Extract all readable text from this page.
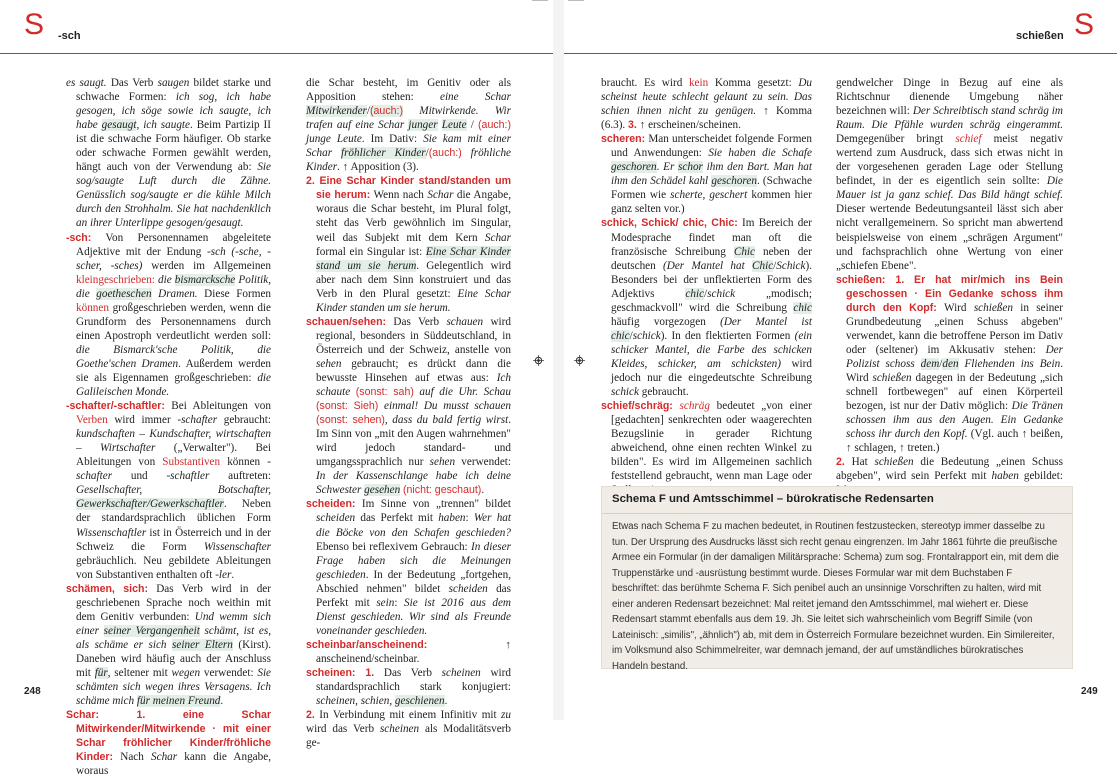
S -sch

es saugt. Das Verb saugen bildet starke und schwache Formen: ich sog, ich habe gesogen, ich söge sowie ich saugte, ich habe gesaugt, ich saugte. Beim Partizip II ist die schwache Form häufiger. Ob starke oder schwache Formen gewählt werden, hängt auch von der Verwendung ab: Sie sog/saugte Luft durch die Zähne. Genüsslich sog/saugte er die kühle Milch durch den Strohhalm. Sie hat nachdenklich an ihrer Unterlippe gesogen/gesaugt.

-sch: Von Personennamen abgeleitete Adjektive mit der Endung -sch (-sche, -scher, -sches) werden im Allgemeinen kleingeschrieben: die bismarcksche Politik, die goetheschen Dramen. Diese Formen können großgeschrieben werden, wenn die Grundform des Personennamens durch einen Apostroph verdeutlicht werden soll: die Bismarck'sche Politik, die Goethe'schen Dramen. Außerdem werden sie als Eigennamen großgeschrieben: die Galileischen Monde.

-schafter/-schaftler: Bei Ableitungen von Verben wird immer -schafter gebraucht: kundschaften – Kundschafter, wirtschaften – Wirtschafter („Verwalter"). Bei Ableitungen von Substantiven können -schafter und -schaftler auftreten: Gesellschafter, Botschafter, Gewerkschafter/Gewerkschaftler. Neben der standardsprachlich üblichen Form Wissenschaftler ist in Österreich und in der Schweiz die Form Wissenschafter gebräuchlich. Neu gebildete Ableitungen von Substantiven enthalten oft -ler.

schämen, sich: Das Verb wird in der geschriebenen Sprache noch weithin mit dem Genitiv verbunden: Und wemm sich einer seiner Vergangenheit schämt, ist es, als schäme er sich seiner Eltern (Kirst). Daneben wird häufig auch der Anschluss mit für, seltener mit wegen verwendet: Sie schämten sich wegen ihres Versagens. Ich schäme mich für meinen Freund.

Schar: 1. eine Schar Mitwirkender/Mitwirkende · mit einer Schar fröhlicher Kinder/fröhliche Kinder: Nach Schar kann die Angabe, woraus

die Schar besteht, im Genitiv oder als Apposition stehen: eine Schar Mitwirkender/(auch:) Mitwirkende. Wir trafen auf eine Schar junger Leute / (auch:) junge Leute. Im Dativ: Sie kam mit einer Schar fröhlicher Kinder/(auch:) fröhliche Kinder. ↑ Apposition (3).

2. Eine Schar Kinder stand/standen um sie herum: Wenn nach Schar die Angabe, woraus die Schar besteht, im Plural folgt, steht das Verb gewöhnlich im Singular, weil das Subjekt mit dem Kern Schar formal ein Singular ist: Eine Schar Kinder stand um sie herum. Gelegentlich wird aber nach dem Sinn konstruiert und das Verb in den Plural gesetzt: Eine Schar Kinder standen um sie herum.

schauen/sehen: Das Verb schauen wird regional, besonders in Süddeutschland, in Österreich und der Schweiz, anstelle von sehen gebraucht; es drückt dann die bewusste Hinsehen auf etwas aus: Ich schaute (sonst: sah) auf die Uhr. Schau (sonst: Sieh) einmal! Du musst schauen (sonst: sehen), dass du bald fertig wirst. Im Sinn von „mit den Augen wahrnehmen" wird jedoch standard- und umgangssprachlich nur sehen verwendet: In der Kassenschlange habe ich deine Schwester gesehen (nicht: geschaut).

scheiden: Im Sinne von „trennen" bildet scheiden das Perfekt mit haben: Wer hat die Böcke von den Schafen geschieden? Ebenso bei reflexivem Gebrauch: In dieser Frage haben sich die Meinungen geschieden. In der Bedeutung „fortgehen, Abschied nehmen" bildet scheiden das Perfekt mit sein: Sie ist 2016 aus dem Dienst geschieden. Wir sind als Freunde voneinander geschieden.

scheinbar/anscheinend: ↑ anscheinend/scheinbar.

scheinen: 1. Das Verb scheinen wird standardsprachlich stark konjugiert: scheinen, schien, geschienen.

2. In Verbindung mit einem Infinitiv mit zu wird das Verb scheinen als Modalitätsverb ge-

248
schießen S

braucht. Es wird kein Komma gesetzt: Du scheinst heute schlecht gelaunt zu sein. Das schien ihnen nicht zu genügen. ↑ Komma (6.3). 3. ↑ erscheinen/scheinen.

scheren: Man unterscheidet folgende Formen und Anwendungen: Sie haben die Schafe geschoren. Er schor ihm den Bart. Man hat ihm den Schädel kahl geschoren. (Schwache Formen wie scherte, geschert kommen hier ganz selten vor.)

schick, Schick/ chic, Chic: Im Bereich der Modesprache findet man oft die französische Schreibung Chic neben der deutschen (Der Mantel hat Chic/Schick). Besonders bei der unflektierten Form des Adjektivs chic/schick „modisch; geschmackvoll" wird die Schreibung chic häufig vorgezogen (Der Mantel ist chic/schick). In den flektierten Formen (ein schicker Mantel, die Farbe des schicken Kleides, schicker, am schicksten) wird jedoch nur die eingedeutschte Schreibung schick gebraucht.

schief/schräg: schräg bedeutet „von einer [gedachten] senkrechten oder waagerechten Bezugslinie in gerader Richtung abweichend, ohne einen rechten Winkel zu bilden". Es wird im Allgemeinen sachlich feststellend gebraucht, wenn man Lage oder

gendwelcher Dinge in Bezug auf eine als Richtschnur dienende Umgebung näher bezeichnen will: Der Schreibtisch stand schräg im Raum. Die Pfähle wurden schräg eingerammt. Demgegenüber bringt schief meist negativ wertend zum Ausdruck, dass sich etwas nicht in der vorgesehenen geraden Lage oder Stellung befindet, in der es eigentlich sein sollte: Die Mauer ist ja ganz schief. Das Bild hängt schief. Dieser wertende Bedeutungsanteil lässt sich aber nicht verallgemeinern. So spricht man abwertend beispielsweise von einem „schrägen Argument" und fachsprachlich ohne Wertung von einer „schiefen Ebene".

schießen: 1. Er hat mir/mich ins Bein geschossen · Ein Gedanke schoss ihm durch den Kopf: Wird schießen in seiner Grundbedeutung „einen Schuss abgeben" verwendet, kann die betroffene Person im Dativ oder (seltener) im Akkusativ stehen: Der Polizist schoss dem/den Fliehenden ins Bein. Wird schießen dagegen in der Bedeutung „sich schnell fortbewegen" auf einen Körperteil bezogen, ist nur der Dativ möglich: Die Tränen schossen ihm aus den Augen. Ein Gedanke schoss ihr durch den Kopf. (Vgl. auch ↑ beißen, ↑ schlagen, ↑ treten.)

2. Hat schießen die Bedeutung „einen Schuss abgeben", wird sein Perfekt mit haben gebildet:

249
Schema F und Amtsschimmel – bürokratische Redensarten
Etwas nach Schema F zu machen bedeutet, in Routinen festzustecken, stereotyp immer dasselbe zu tun. Der Ursprung des Ausdrucks lässt sich recht genau eingrenzen. Im Jahr 1861 führte die preußische Armee ein Formular (in der damaligen Militärsprache: Schema) zum sog. Frontalrapport ein, mit dem die Truppenstärke und -ausrüstung bestimmt wurde. Dieses Formular war mit dem Buchstaben F beschriftet: das berühmte Schema F. Sich penibel auch an unsinnige Vorschriften zu halten, wird mit einer anderen Redensart bezeichnet: Mal reitet jemand den Amtsschimmel, mal wiehert er. Diese Redensart stammt ebenfalls aus dem 19. Jh. Sie leitet sich wahrscheinlich vom Begriff Simile (von Lateinisch: „similis", „ähnlich") ab, mit dem in Österreich Formulare bezeichnet wurden. Ein Similereiter, im Volksmund also Schimmelreiter, war demnach jemand, der auf umständliches bürokratisches Handeln bestand.
